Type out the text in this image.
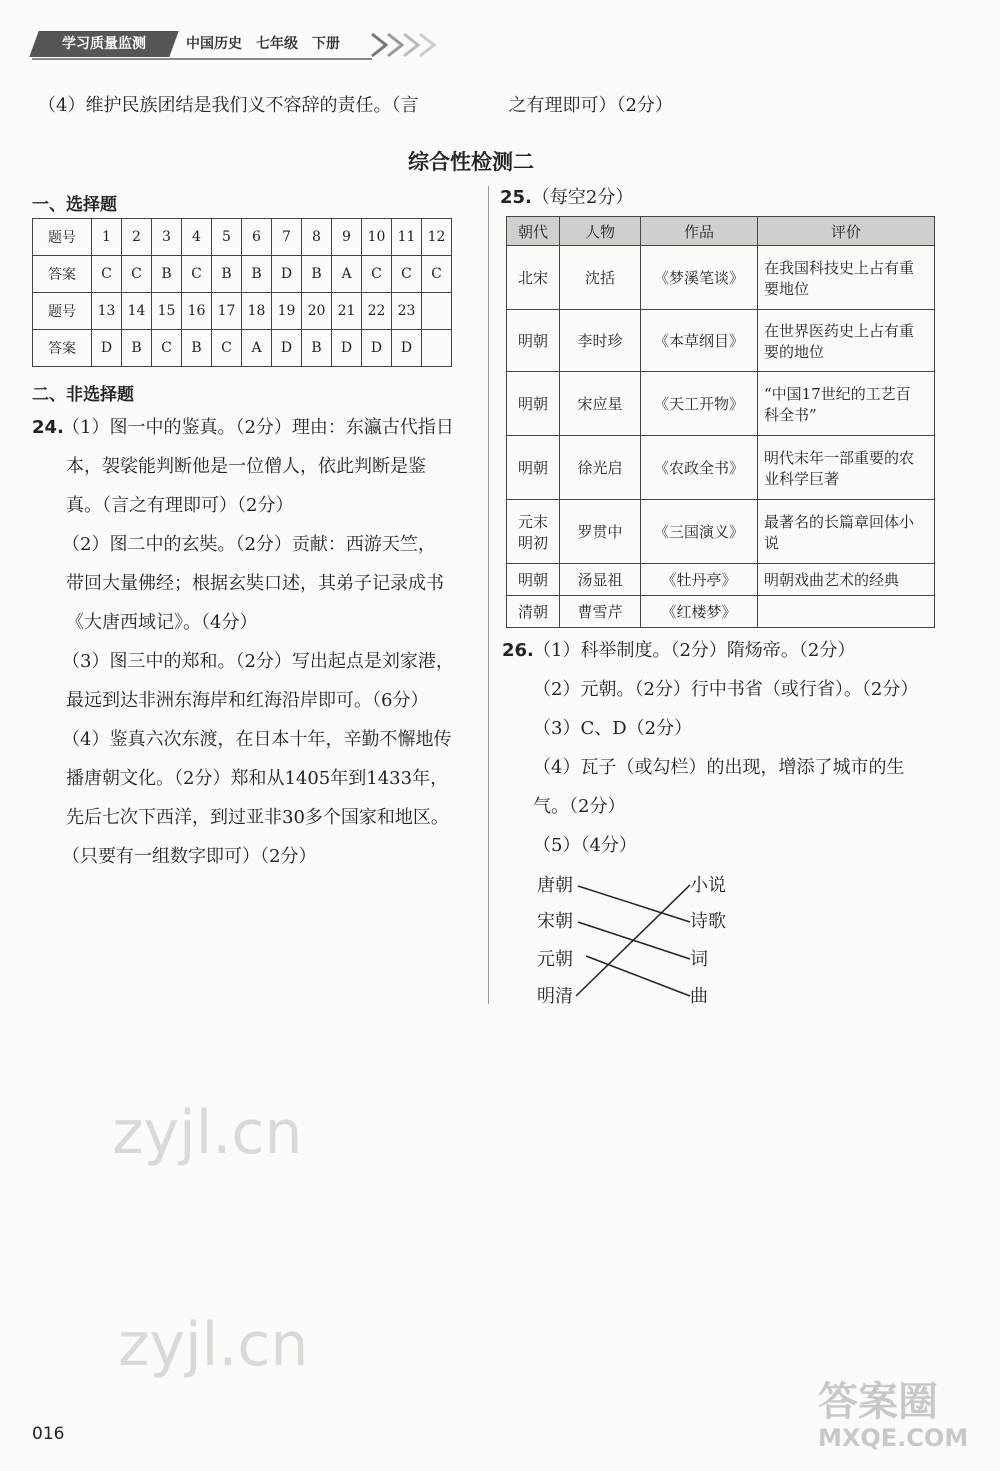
学习质量监测	中国历史　七年级　下册
（4）维护民族团结是我们义不容辞的责任。（言　　　　　之有理即可）（2分）
综合性检测二
一、选择题
题号	1	2	3	4	5	6	7	8	9	10	11	12
答案	C	C	B	C	B	B	D	B	A	C	C	C
题号	13	14	15	16	17	18	19	20	21	22	23	
答案	D	B	C	B	C	A	D	B	D	D	D	
二、非选择题
24.
（1）图一中的鉴真。（2分）理由：东瀛古代指日
本，袈裟能判断他是一位僧人，依此判断是鉴
真。（言之有理即可）（2分）
（2）图二中的玄奘。（2分）贡献：西游天竺，
带回大量佛经；根据玄奘口述，其弟子记录成书
《大唐西域记》。（4分）
（3）图三中的郑和。（2分）写出起点是刘家港，
最远到达非洲东海岸和红海沿岸即可。（6分）
（4）鉴真六次东渡，在日本十年，辛勤不懈地传
播唐朝文化。（2分）郑和从1405年到1433年，
先后七次下西洋，到过亚非30多个国家和地区。
（只要有一组数字即可）（2分）
25.（每空2分）
朝代	人物	作品	评价
北宋	沈括	《梦溪笔谈》	在我国科技史上占有重
要地位

明朝	李时珍	《本草纲目》	在世界医药史上占有重
要的地位

明朝	宋应星	《天工开物》	“中国17世纪的工艺百
科全书”

明朝	徐光启	《农政全书》	明代末年一部重要的农
业科学巨著

元末明初	罗贯中	《三国演义》	最著名的长篇章回体小
说

明朝	汤显祖	《牡丹亭》	明朝戏曲艺术的经典
清朝	曹雪芹	《红楼梦》	
26. （1）科举制度。（2分）隋炀帝。（2分）
（2）元朝。（2分）行中书省（或行省）。（2分）
（3）C、D（2分）
（4）瓦子（或勾栏）的出现，增添了城市的生
气。（2分）
（5）（4分）
唐朝
宋朝
元朝
明清
小说
诗歌
词
曲
zyjl.cn
zyjl.cn
016
答案圈
MXQE.COM
